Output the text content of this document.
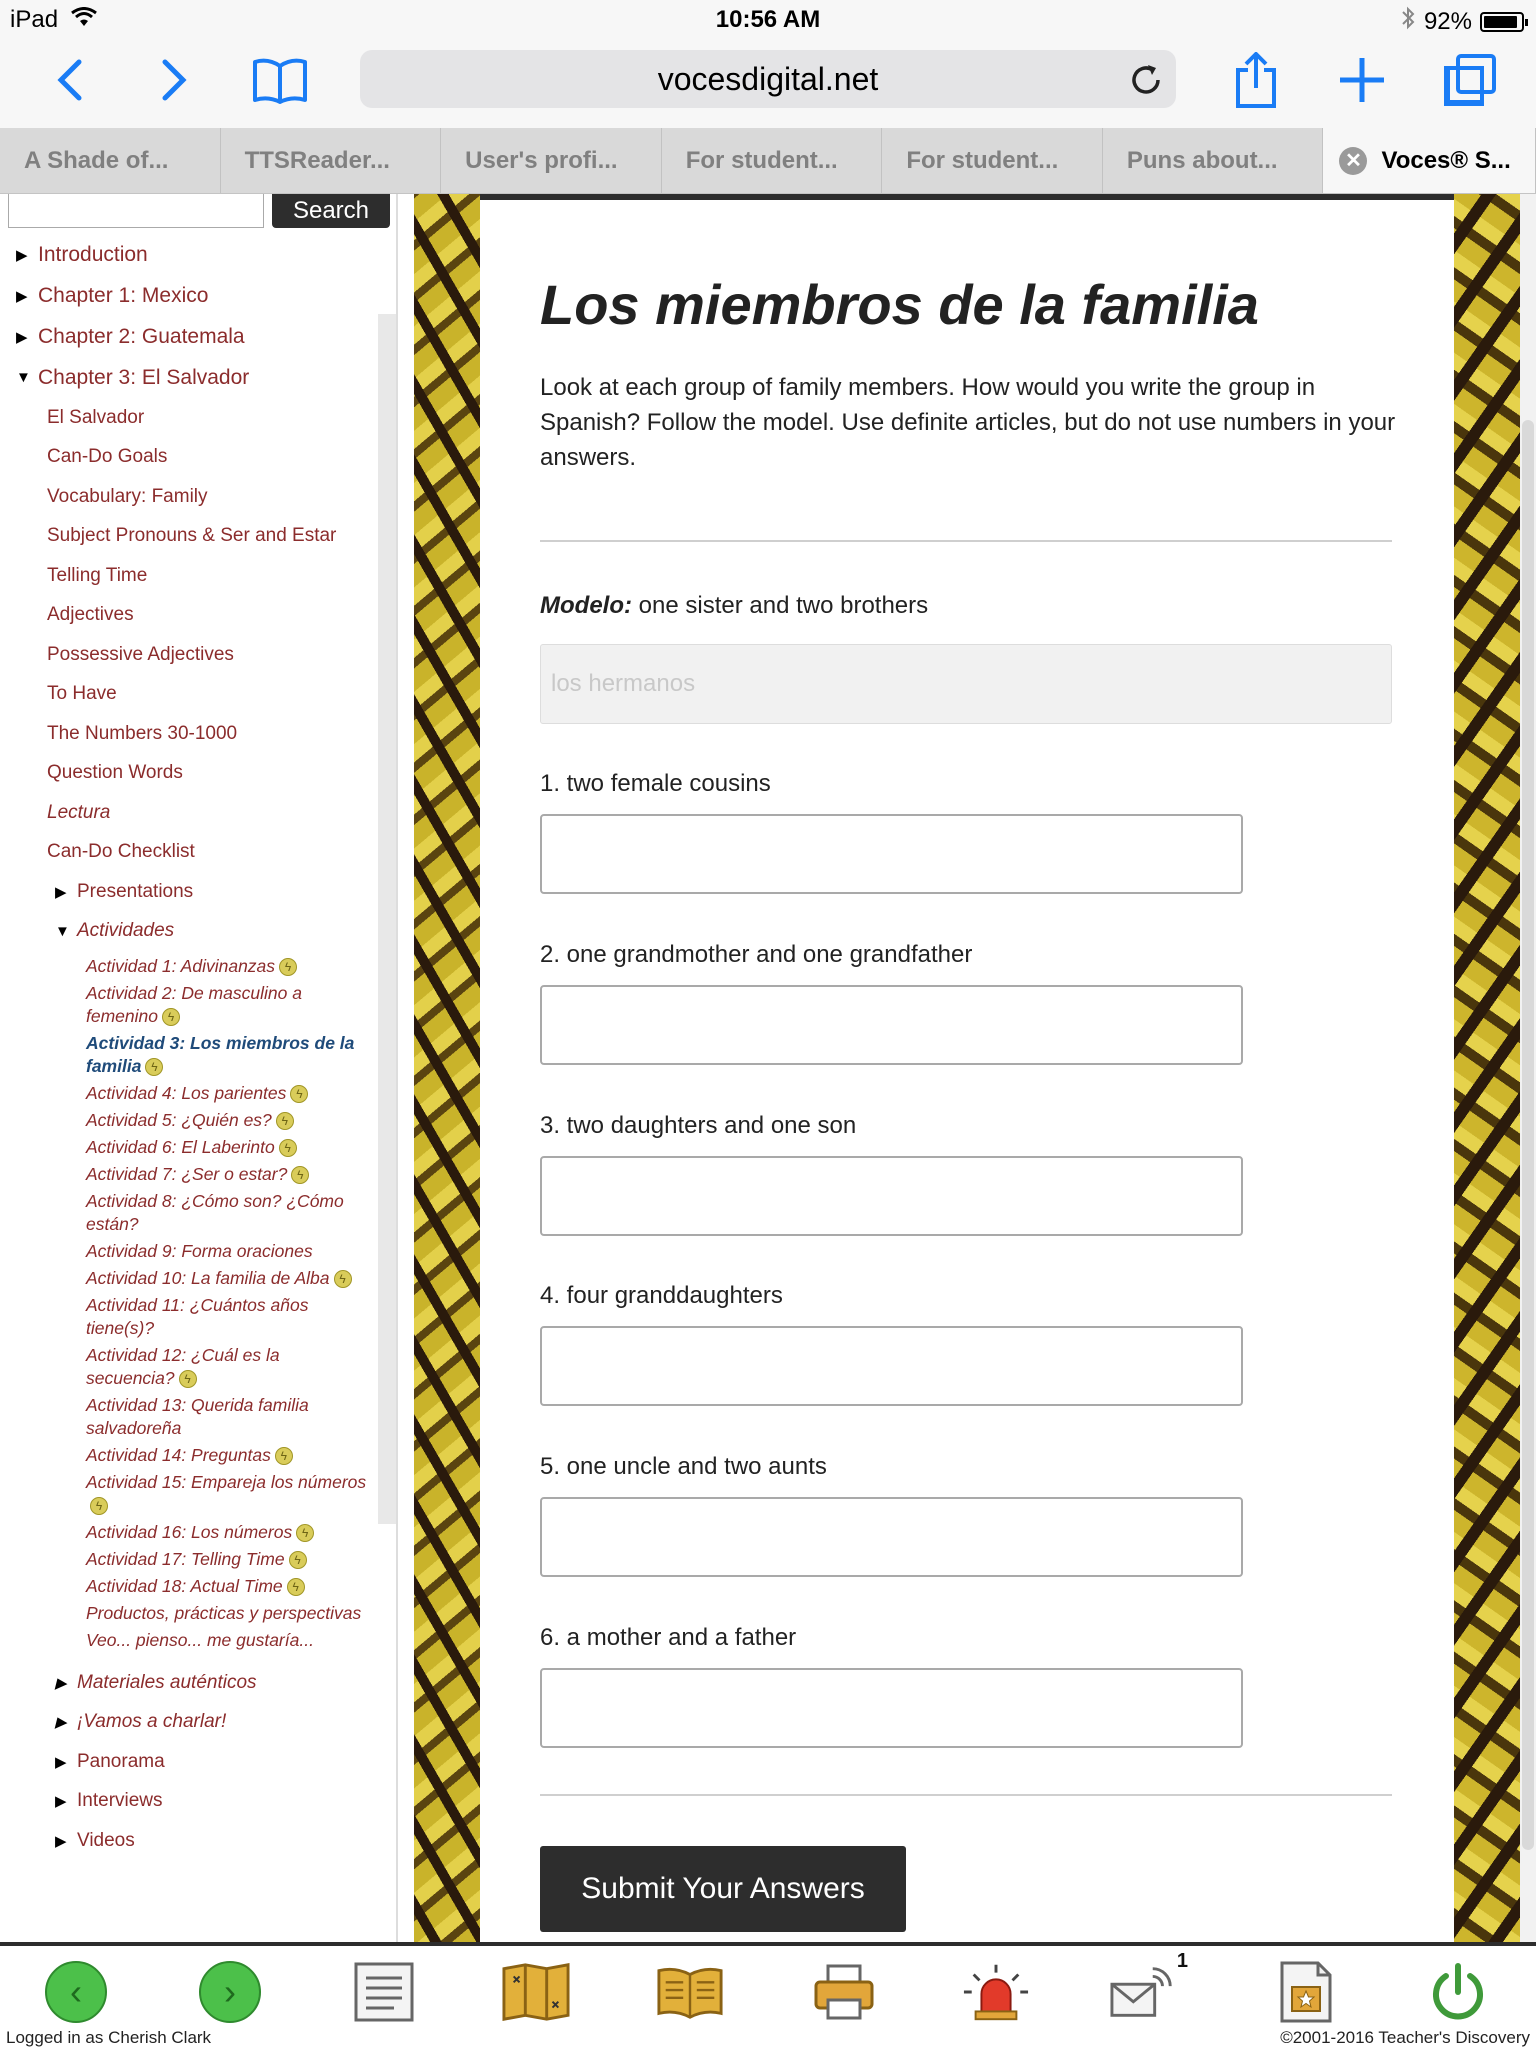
iPad	10:56 AM	92%
vocesdigital.net
A Shade of...	TTSReader...	User's profi...	For student...	For student...	Puns about...	✕ Voces® S...
Search
▶ Introduction
▶ Chapter 1: Mexico
▶ Chapter 2: Guatemala
▼ Chapter 3: El Salvador
El Salvador
Can-Do Goals
Vocabulary: Family
Subject Pronouns & Ser and Estar
Telling Time
Adjectives
Possessive Adjectives
To Have
The Numbers 30-1000
Question Words
Lectura
Can-Do Checklist
▶ Presentations
▼ Actividades
Actividad 1: Adivinanzas ϟ
Actividad 2: De masculino a femenino ϟ
Actividad 3: Los miembros de la familia ϟ
Actividad 4: Los parientes ϟ
Actividad 5: ¿Quién es? ϟ
Actividad 6: El Laberinto ϟ
Actividad 7: ¿Ser o estar? ϟ
Actividad 8: ¿Cómo son? ¿Cómo están?
Actividad 9: Forma oraciones
Actividad 10: La familia de Alba ϟ
Actividad 11: ¿Cuántos años tiene(s)?
Actividad 12: ¿Cuál es la secuencia? ϟ
Actividad 13: Querida familia salvadoreña
Actividad 14: Preguntas ϟ
Actividad 15: Empareja los númerosϟ
Actividad 16: Los números ϟ
Actividad 17: Telling Time ϟ
Actividad 18: Actual Time ϟ
Productos, prácticas y perspectivas
Veo... pienso... me gustaría...
▶ Materiales auténticos
▶ ¡Vamos a charlar!
▶ Panorama
▶ Interviews
▶ Videos
Los miembros de la familia

Look at each group of family members. How would you write the group in Spanish? Follow the model. Use definite articles, but do not use numbers in your answers.

Modelo: one sister and two brothers
los hermanos
1. two female cousins
2. one grandmother and one grandfather
3. two daughters and one son
4. four granddaughters
5. one uncle and two aunts
6. a mother and a father
Submit Your Answers
‹	›
1
Logged in as Cherish Clark	©2001-2016 Teacher's Discovery
